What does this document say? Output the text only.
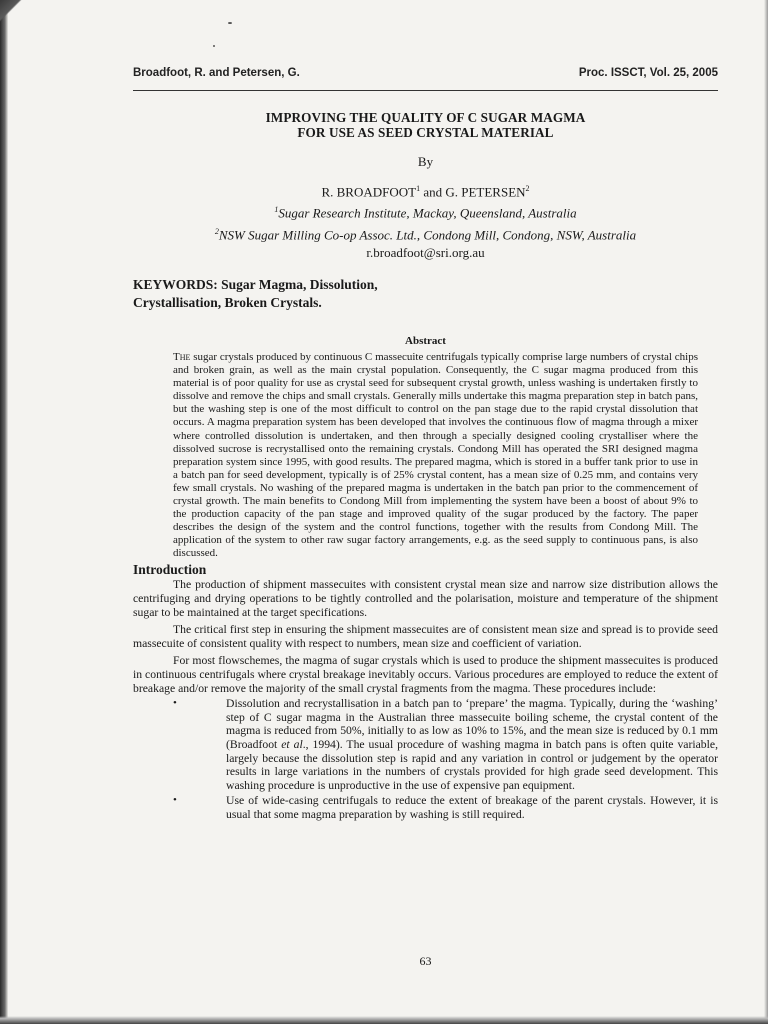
Broadfoot, R. and Petersen, G.	Proc. ISSCT, Vol. 25, 2005
IMPROVING THE QUALITY OF C SUGAR MAGMA
FOR USE AS SEED CRYSTAL MATERIAL
By
R. BROADFOOT$^1$ and G. PETERSEN$^2$
$^1$Sugar Research Institute, Mackay, Queensland, Australia
$^2$NSW Sugar Milling Co-op Assoc. Ltd., Condong Mill, Condong, NSW, Australia
r.broadfoot@sri.org.au
KEYWORDS: Sugar Magma, Dissolution,
Crystallisation, Broken Crystals.
Abstract
The sugar crystals produced by continuous C massecuite centrifugals typically comprise large numbers of crystal chips and broken grain, as well as the main crystal population. Consequently, the C sugar magma produced from this material is of poor quality for use as crystal seed for subsequent crystal growth, unless washing is undertaken firstly to dissolve and remove the chips and small crystals. Generally mills undertake this magma preparation step in batch pans, but the washing step is one of the most difficult to control on the pan stage due to the rapid crystal dissolution that occurs. A magma preparation system has been developed that involves the continuous flow of magma through a mixer where controlled dissolution is undertaken, and then through a specially designed cooling crystalliser where the dissolved sucrose is recrystallised onto the remaining crystals. Condong Mill has operated the SRI designed magma preparation system since 1995, with good results. The prepared magma, which is stored in a buffer tank prior to use in a batch pan for seed development, typically is of 25% crystal content, has a mean size of 0.25 mm, and contains very few small crystals. No washing of the prepared magma is undertaken in the batch pan prior to the commencement of crystal growth. The main benefits to Condong Mill from implementing the system have been a boost of about 9% to the production capacity of the pan stage and improved quality of the sugar produced by the factory. The paper describes the design of the system and the control functions, together with the results from Condong Mill. The application of the system to other raw sugar factory arrangements, e.g. as the seed supply to continuous pans, is also discussed.
Introduction

The production of shipment massecuites with consistent crystal mean size and narrow size distribution allows the centrifuging and drying operations to be tightly controlled and the polarisation, moisture and temperature of the shipment sugar to be maintained at the target specifications.

The critical first step in ensuring the shipment massecuites are of consistent mean size and spread is to provide seed massecuite of consistent quality with respect to numbers, mean size and coefficient of variation.

For most flowschemes, the magma of sugar crystals which is used to produce the shipment massecuites is produced in continuous centrifugals where crystal breakage inevitably occurs. Various procedures are employed to reduce the extent of breakage and/or remove the majority of the small crystal fragments from the magma. These procedures include:

•	Dissolution and recrystallisation in a batch pan to ‘prepare’ the magma. Typically, during the ‘washing’ step of C sugar magma in the Australian three massecuite boiling scheme, the crystal content of the magma is reduced from 50%, initially to as low as 10% to 15%, and the mean size is reduced by 0.1 mm (Broadfoot et al., 1994). The usual procedure of washing magma in batch pans is often quite variable, largely because the dissolution step is rapid and any variation in control or judgement by the operator results in large variations in the numbers of crystals provided for high grade seed development. This washing procedure is unproductive in the use of expensive pan equipment.
•	Use of wide-casing centrifugals to reduce the extent of breakage of the parent crystals. However, it is usual that some magma preparation by washing is still required.
63
